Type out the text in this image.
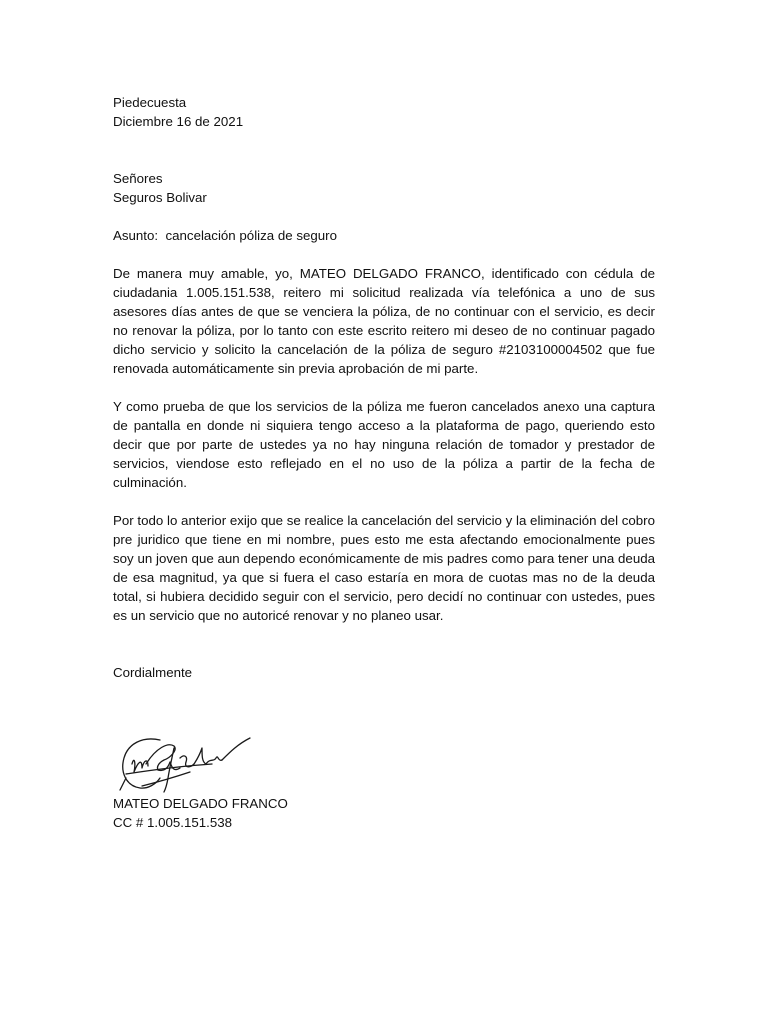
Piedecuesta
Diciembre 16 de 2021
Señores
Seguros Bolivar
Asunto:  cancelación póliza de seguro

De manera muy amable, yo, MATEO DELGADO FRANCO, identificado con cédula de ciudadania 1.005.151.538, reitero mi solicitud realizada vía telefónica a uno de sus asesores días antes de que se venciera la póliza, de no continuar con el servicio, es decir no renovar la póliza, por lo tanto con este escrito reitero mi deseo de no continuar pagado dicho servicio y solicito la cancelación de la póliza de seguro #2103100004502 que fue renovada automáticamente sin previa aprobación de mi parte.

Y como prueba de que los servicios de la póliza me fueron cancelados anexo una captura de pantalla en donde ni siquiera tengo acceso a la plataforma de pago, queriendo esto decir que por parte de ustedes ya no hay ninguna relación de tomador y prestador de servicios, viendose esto reflejado en el no uso de la póliza a partir de la fecha de culminación.

Por todo lo anterior exijo que se realice la cancelación del servicio y la eliminación del cobro pre juridico que tiene en mi nombre, pues esto me esta afectando emocionalmente pues soy un joven que aun dependo económicamente de mis padres como para tener una deuda de esa magnitud, ya que si fuera el caso estaría en mora de cuotas mas no de la deuda total, si hubiera decidido seguir con el servicio, pero decidí no continuar con ustedes, pues es un servicio que no autoricé renovar y no planeo usar.

Cordialmente
MATEO DELGADO FRANCO
CC # 1.005.151.538
